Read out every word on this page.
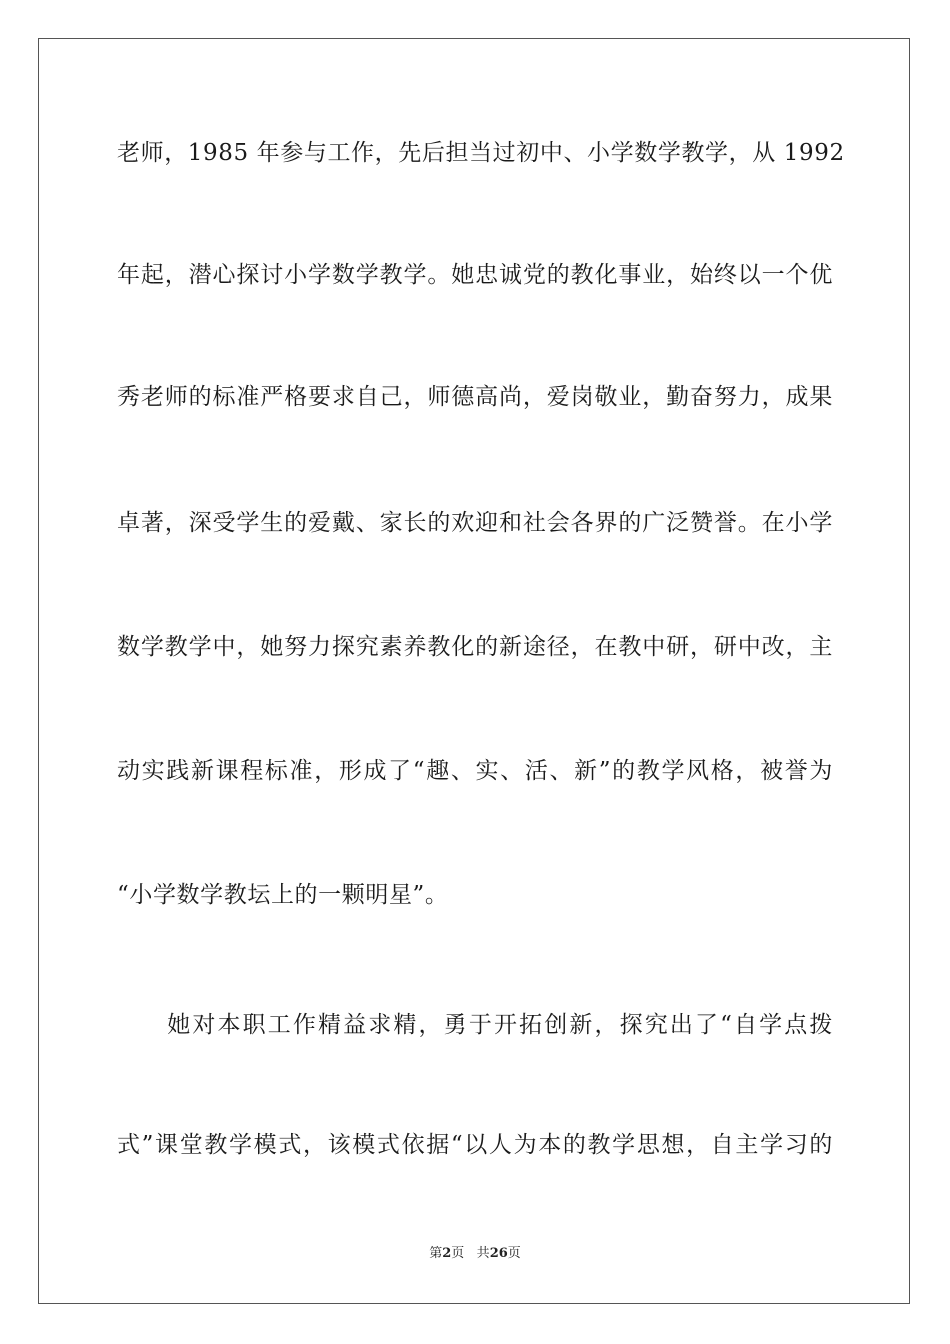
老师，1985 年参与工作，先后担当过初中、小学数学教学，从 1992
年起，潜心探讨小学数学教学。她忠诚党的教化事业，始终以一个优
秀老师的标准严格要求自己，师德高尚，爱岗敬业，勤奋努力，成果
卓著，深受学生的爱戴、家长的欢迎和社会各界的广泛赞誉。在小学
数学教学中，她努力探究素养教化的新途径，在教中研，研中改，主
动实践新课程标准，形成了“趣、实、活、新”的教学风格，被誉为
“小学数学教坛上的一颗明星”。
　　她对本职工作精益求精，勇于开拓创新，探究出了“自学点拨
式”课堂教学模式，该模式依据“以人为本的教学思想，自主学习的
第2页 共26页
